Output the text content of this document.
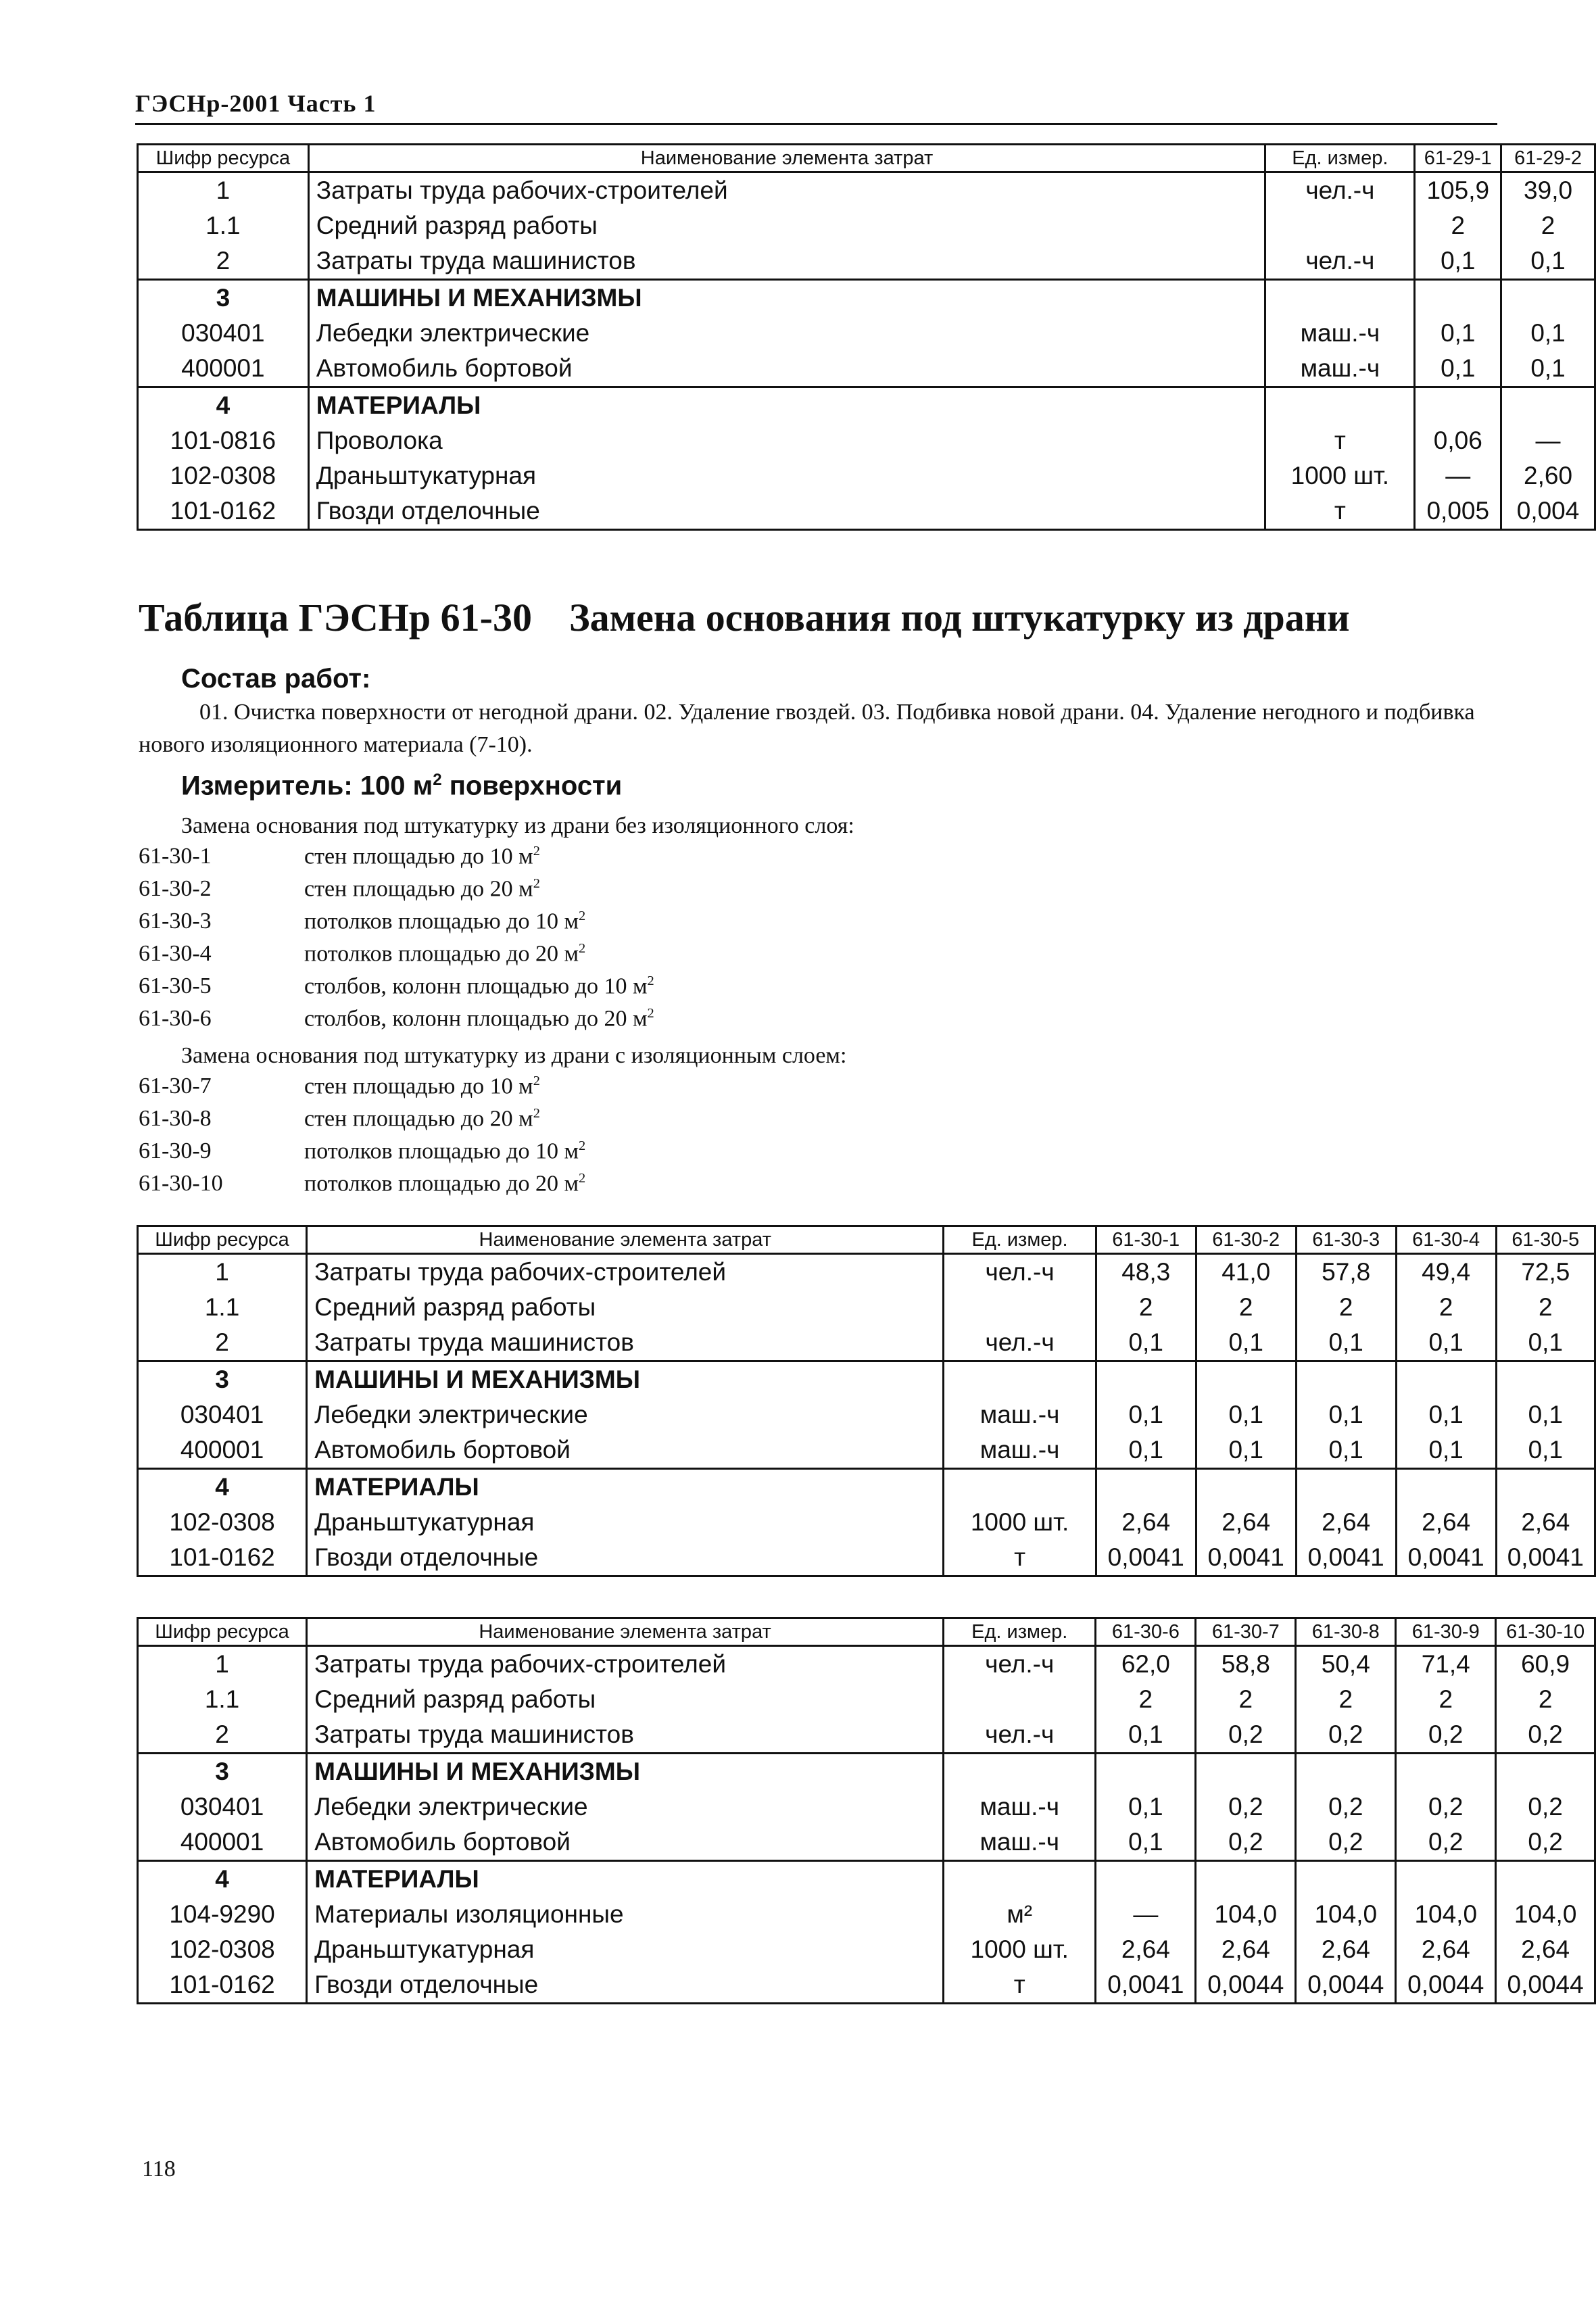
ГЭСНр-2001 Часть 1
Шифр ресурса	Наименование элемента затрат	Ед. измер.	61-29-1	61-29-2
1	Затраты труда рабочих-строителей	чел.-ч	105,9	39,0
1.1	Средний разряд работы		2	2
2	Затраты труда машинистов	чел.-ч	0,1	0,1
3	МАШИНЫ И МЕХАНИЗМЫ			
030401	Лебедки электрические	маш.-ч	0,1	0,1
400001	Автомобиль бортовой	маш.-ч	0,1	0,1
4	МАТЕРИАЛЫ			
101-0816	Проволока	т	0,06	—
102-0308	Драньштукатурная	1000 шт.	—	2,60
101-0162	Гвозди отделочные	т	0,005	0,004
Таблица ГЭСНр 61-30 Замена основания под штукатурку из драни
Состав работ:
01. Очистка поверхности от негодной драни. 02. Удаление гвоздей. 03. Подбивка новой драни. 04. Удаление негодного и подбивка нового изоляционного материала (7-10).
Измеритель: 100 $м^2$ поверхности
Замена основания под штукатурку из драни без изоляционного слоя:
61-30-1	стен площадью до 10 $м^2$
61-30-2	стен площадью до 20 $м^2$
61-30-3	потолков площадью до 10 $м^2$
61-30-4	потолков площадью до 20 $м^2$
61-30-5	столбов, колонн площадью до 10 $м^2$
61-30-6	столбов, колонн площадью до 20 $м^2$
Замена основания под штукатурку из драни с изоляционным слоем:
61-30-7	стен площадью до 10 $м^2$
61-30-8	стен площадью до 20 $м^2$
61-30-9	потолков площадью до 10 $м^2$
61-30-10	потолков площадью до 20 $м^2$
Шифр ресурса	Наименование элемента затрат	Ед. измер.	61-30-1	61-30-2	61-30-3	61-30-4	61-30-5
1	Затраты труда рабочих-строителей	чел.-ч	48,3	41,0	57,8	49,4	72,5
1.1	Средний разряд работы		2	2	2	2	2
2	Затраты труда машинистов	чел.-ч	0,1	0,1	0,1	0,1	0,1
3	МАШИНЫ И МЕХАНИЗМЫ						
030401	Лебедки электрические	маш.-ч	0,1	0,1	0,1	0,1	0,1
400001	Автомобиль бортовой	маш.-ч	0,1	0,1	0,1	0,1	0,1
4	МАТЕРИАЛЫ						
102-0308	Драньштукатурная	1000 шт.	2,64	2,64	2,64	2,64	2,64
101-0162	Гвозди отделочные	т	0,0041	0,0041	0,0041	0,0041	0,0041
Шифр ресурса	Наименование элемента затрат	Ед. измер.	61-30-6	61-30-7	61-30-8	61-30-9	61-30-10
1	Затраты труда рабочих-строителей	чел.-ч	62,0	58,8	50,4	71,4	60,9
1.1	Средний разряд работы		2	2	2	2	2
2	Затраты труда машинистов	чел.-ч	0,1	0,2	0,2	0,2	0,2
3	МАШИНЫ И МЕХАНИЗМЫ						
030401	Лебедки электрические	маш.-ч	0,1	0,2	0,2	0,2	0,2
400001	Автомобиль бортовой	маш.-ч	0,1	0,2	0,2	0,2	0,2
4	МАТЕРИАЛЫ						
104-9290	Материалы изоляционные	м²	—	104,0	104,0	104,0	104,0
102-0308	Драньштукатурная	1000 шт.	2,64	2,64	2,64	2,64	2,64
101-0162	Гвозди отделочные	т	0,0041	0,0044	0,0044	0,0044	0,0044
118
